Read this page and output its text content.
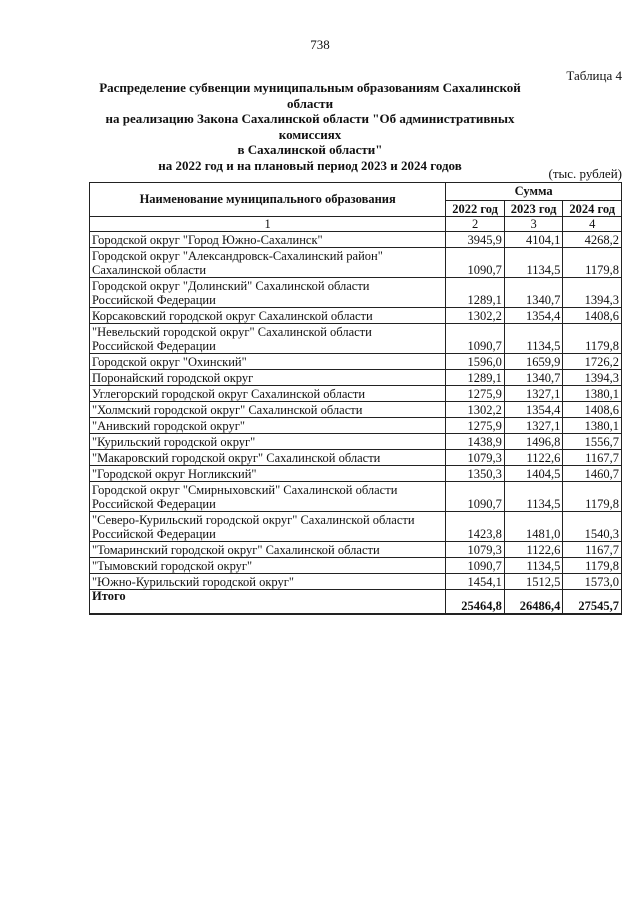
738
Таблица 4
Распределение субвенции муниципальным образованиям Сахалинской области
на реализацию Закона Сахалинской области "Об административных комиссиях
в Сахалинской области"
на 2022 год и на плановый период 2023 и 2024 годов
(тыс. рублей)
Наименование муниципального образования	Сумма		
	2022 год	2023 год	2024 год
1	2	3	4

Городской округ "Город Южно-Сахалинск"	3945,9	4104,1	4268,2

Городской округ "Александровск-Сахалинский район"
Сахалинской области	1090,7	1134,5	1179,8

Городской округ "Долинский" Сахалинской области
Российской Федерации	1289,1	1340,7	1394,3

Корсаковский городской округ Сахалинской области	1302,2	1354,4	1408,6

"Невельский городской округ" Сахалинской области
Российской Федерации	1090,7	1134,5	1179,8

Городской округ "Охинский"	1596,0	1659,9	1726,2

Поронайский городской округ	1289,1	1340,7	1394,3

Углегорский городской округ Сахалинской области	1275,9	1327,1	1380,1

"Холмский городской округ" Сахалинской области	1302,2	1354,4	1408,6

"Анивский городской округ"	1275,9	1327,1	1380,1

"Курильский городской округ"	1438,9	1496,8	1556,7

"Макаровский городской округ" Сахалинской области	1079,3	1122,6	1167,7

"Городской округ Ногликский"	1350,3	1404,5	1460,7

Городской округ "Смирныховский" Сахалинской области
Российской Федерации	1090,7	1134,5	1179,8

"Северо-Курильский городской округ" Сахалинской области
Российской Федерации	1423,8	1481,0	1540,3

"Томаринский городской округ" Сахалинской области	1079,3	1122,6	1167,7

"Тымовский городской округ"	1090,7	1134,5	1179,8

"Южно-Курильский городской округ"	1454,1	1512,5	1573,0
Итого	25464,8	26486,4	27545,7
